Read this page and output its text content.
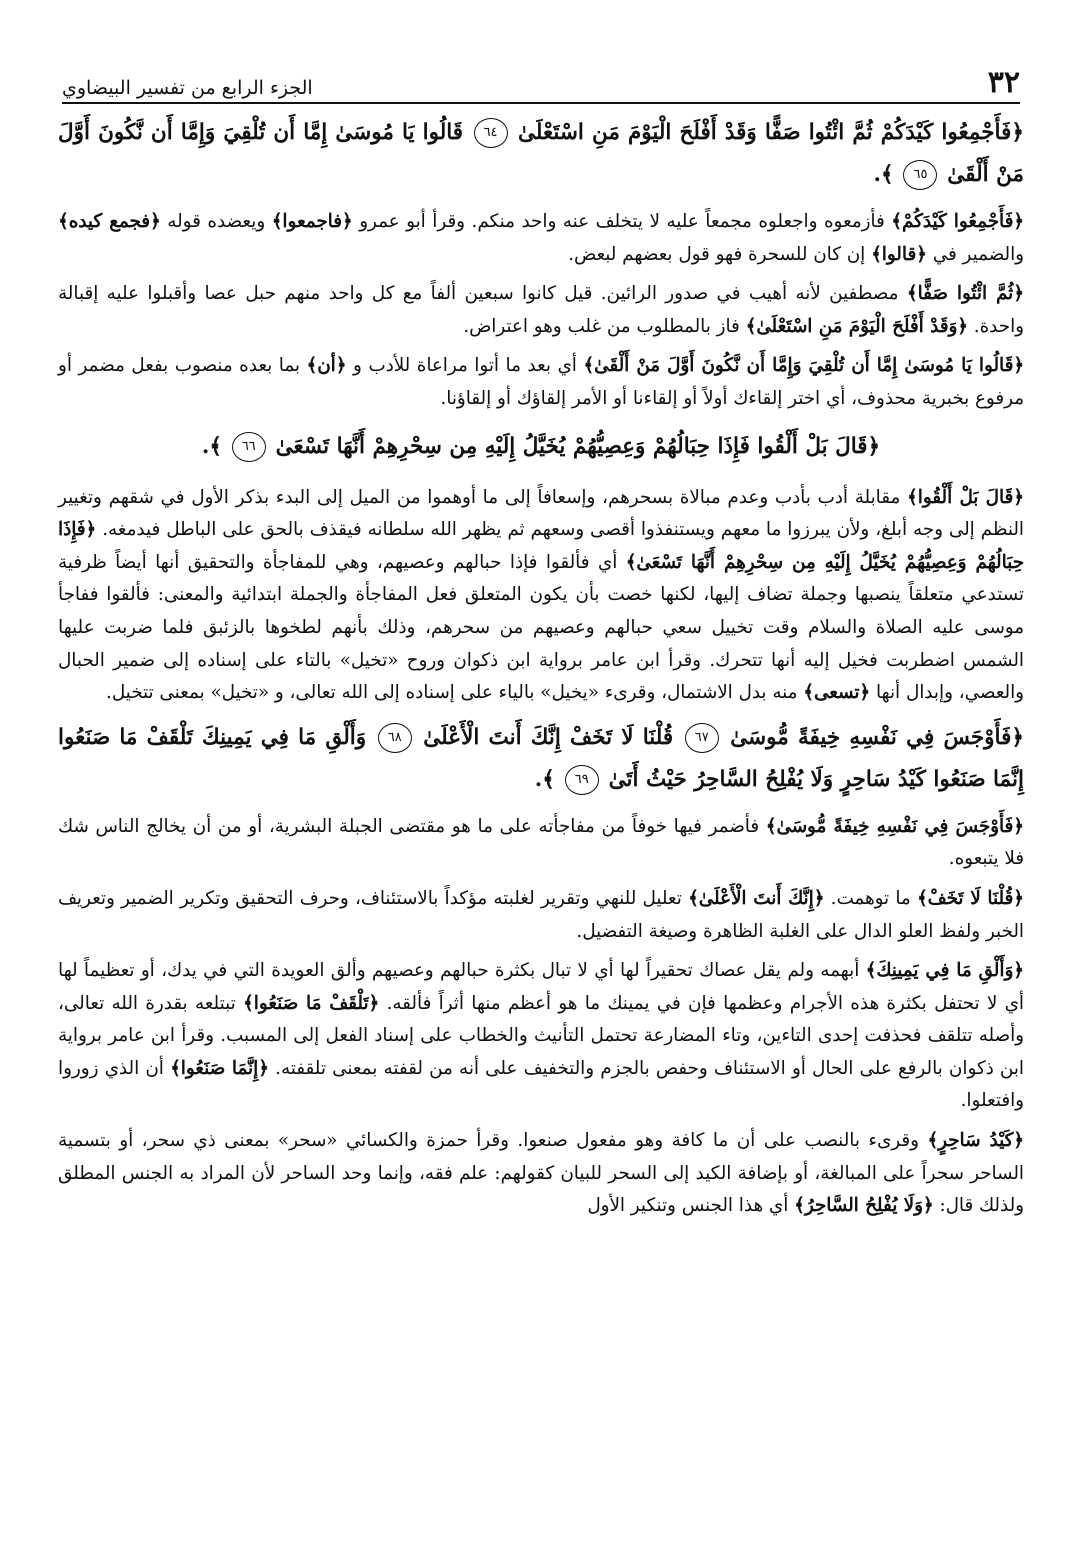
٣٢
الجزء الرابع من تفسير البيضاوي

﴿فَأَجْمِعُوا كَيْدَكُمْ ثُمَّ ائْتُوا صَفًّا وَقَدْ أَفْلَحَ الْيَوْمَ مَنِ اسْتَعْلَىٰ ٦٤ قَالُوا يَا مُوسَىٰ إِمَّا أَن تُلْقِيَ وَإِمَّا أَن نَّكُونَ أَوَّلَ مَنْ أَلْقَىٰ ٦٥ ﴾.

﴿فَأَجْمِعُوا كَيْدَكُمْ﴾ فأزمعوه واجعلوه مجمعاً عليه لا يتخلف عنه واحد منكم. وقرأ أبو عمرو ﴿فاجمعوا﴾ ويعضده قوله ﴿فجمع كيده﴾ والضمير في ﴿قالوا﴾ إن كان للسحرة فهو قول بعضهم لبعض.

﴿ثُمَّ ائْتُوا صَفًّا﴾ مصطفين لأنه أهيب في صدور الرائين. قيل كانوا سبعين ألفاً مع كل واحد منهم حبل عصا وأقبلوا عليه إقبالة واحدة. ﴿وَقَدْ أَفْلَحَ الْيَوْمَ مَنِ اسْتَعْلَىٰ﴾ فاز بالمطلوب من غلب وهو اعتراض.

﴿قَالُوا يَا مُوسَىٰ إِمَّا أَن تُلْقِيَ وَإِمَّا أَن نَّكُونَ أَوَّلَ مَنْ أَلْقَىٰ﴾ أي بعد ما أتوا مراعاة للأدب و ﴿أن﴾ بما بعده منصوب بفعل مضمر أو مرفوع بخبرية محذوف، أي اختر إلقاءك أولاً أو إلقاءنا أو الأمر إلقاؤك أو إلقاؤنا.

﴿قَالَ بَلْ أَلْقُوا فَإِذَا حِبَالُهُمْ وَعِصِيُّهُمْ يُخَيَّلُ إِلَيْهِ مِن سِحْرِهِمْ أَنَّهَا تَسْعَىٰ ٦٦ ﴾.

﴿قَالَ بَلْ أَلْقُوا﴾ مقابلة أدب بأدب وعدم مبالاة بسحرهم، وإسعافاً إلى ما أوهموا من الميل إلى البدء بذكر الأول في شقهم وتغيير النظم إلى وجه أبلغ، ولأن يبرزوا ما معهم ويستنفذوا أقصى وسعهم ثم يظهر الله سلطانه فيقذف بالحق على الباطل فيدمغه. ﴿فَإِذَا حِبَالُهُمْ وَعِصِيُّهُمْ يُخَيَّلُ إِلَيْهِ مِن سِحْرِهِمْ أَنَّهَا تَسْعَىٰ﴾ أي فألقوا فإذا حبالهم وعصيهم، وهي للمفاجأة والتحقيق أنها أيضاً ظرفية تستدعي متعلقاً ينصبها وجملة تضاف إليها، لكنها خصت بأن يكون المتعلق فعل المفاجأة والجملة ابتدائية والمعنى: فألقوا ففاجأ موسى عليه الصلاة والسلام وقت تخييل سعي حبالهم وعصيهم من سحرهم، وذلك بأنهم لطخوها بالزئبق فلما ضربت عليها الشمس اضطربت فخيل إليه أنها تتحرك. وقرأ ابن عامر برواية ابن ذكوان وروح «تخيل» بالتاء على إسناده إلى ضمير الحبال والعصي، وإبدال أنها ﴿تسعى﴾ منه بدل الاشتمال، وقرىء «يخيل» بالياء على إسناده إلى الله تعالى، و «تخيل» بمعنى تتخيل.

﴿فَأَوْجَسَ فِي نَفْسِهِ خِيفَةً مُّوسَىٰ ٦٧ قُلْنَا لَا تَخَفْ إِنَّكَ أَنتَ الْأَعْلَىٰ ٦٨ وَأَلْقِ مَا فِي يَمِينِكَ تَلْقَفْ مَا صَنَعُوا إِنَّمَا صَنَعُوا كَيْدُ سَاحِرٍ وَلَا يُفْلِحُ السَّاحِرُ حَيْثُ أَتَىٰ ٦٩ ﴾.

﴿فَأَوْجَسَ فِي نَفْسِهِ خِيفَةً مُّوسَىٰ﴾ فأضمر فيها خوفاً من مفاجأته على ما هو مقتضى الجبلة البشرية، أو من أن يخالج الناس شك فلا يتبعوه.

﴿قُلْنَا لَا تَخَفْ﴾ ما توهمت. ﴿إِنَّكَ أَنتَ الْأَعْلَىٰ﴾ تعليل للنهي وتقرير لغلبته مؤكداً بالاستئناف، وحرف التحقيق وتكرير الضمير وتعريف الخبر ولفظ العلو الدال على الغلبة الظاهرة وصيغة التفضيل.

﴿وَأَلْقِ مَا فِي يَمِينِكَ﴾ أبهمه ولم يقل عصاك تحقيراً لها أي لا تبال بكثرة حبالهم وعصيهم وألق العويدة التي في يدك، أو تعظيماً لها أي لا تحتفل بكثرة هذه الأجرام وعظمها فإن في يمينك ما هو أعظم منها أثراً فألقه. ﴿تَلْقَفْ مَا صَنَعُوا﴾ تبتلعه بقدرة الله تعالى، وأصله تتلقف فحذفت إحدى التاءين، وتاء المضارعة تحتمل التأنيث والخطاب على إسناد الفعل إلى المسبب. وقرأ ابن عامر برواية ابن ذكوان بالرفع على الحال أو الاستئناف وحفص بالجزم والتخفيف على أنه من لقفته بمعنى تلقفته. ﴿إِنَّمَا صَنَعُوا﴾ أن الذي زوروا وافتعلوا.

﴿كَيْدُ سَاحِرٍ﴾ وقرىء بالنصب على أن ما كافة وهو مفعول صنعوا. وقرأ حمزة والكسائي «سحر» بمعنى ذي سحر، أو بتسمية الساحر سحراً على المبالغة، أو بإضافة الكيد إلى السحر للبيان كقولهم: علم فقه، وإنما وحد الساحر لأن المراد به الجنس المطلق ولذلك قال: ﴿وَلَا يُفْلِحُ السَّاحِرُ﴾ أي هذا الجنس وتنكير الأول
